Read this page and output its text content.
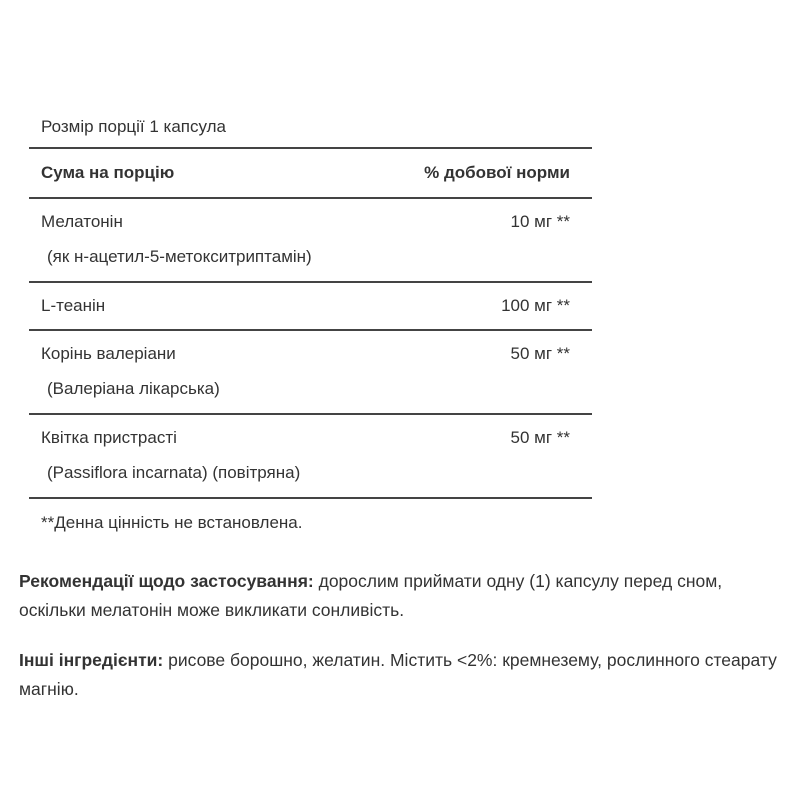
Розмір порції 1 капсула
Сума на порцію	% добової норми
Мелатонін	10 мг **
(як н-ацетил-5-метокситриптамін)
L-теанін	100 мг **
Корінь валеріани	50 мг **
(Валеріана лікарська)
Квітка пристрасті	50 мг **
(Passiflora incarnata) (повітряна)
**Денна цінність не встановлена.
Рекомендації щодо застосування: дорослим приймати одну (1) капсулу перед сном, оскільки мелатонін може викликати сонливість.
Інші інгредієнти: рисове борошно, желатин. Містить <2%: кремнезему, рослинного стеарату магнію.
